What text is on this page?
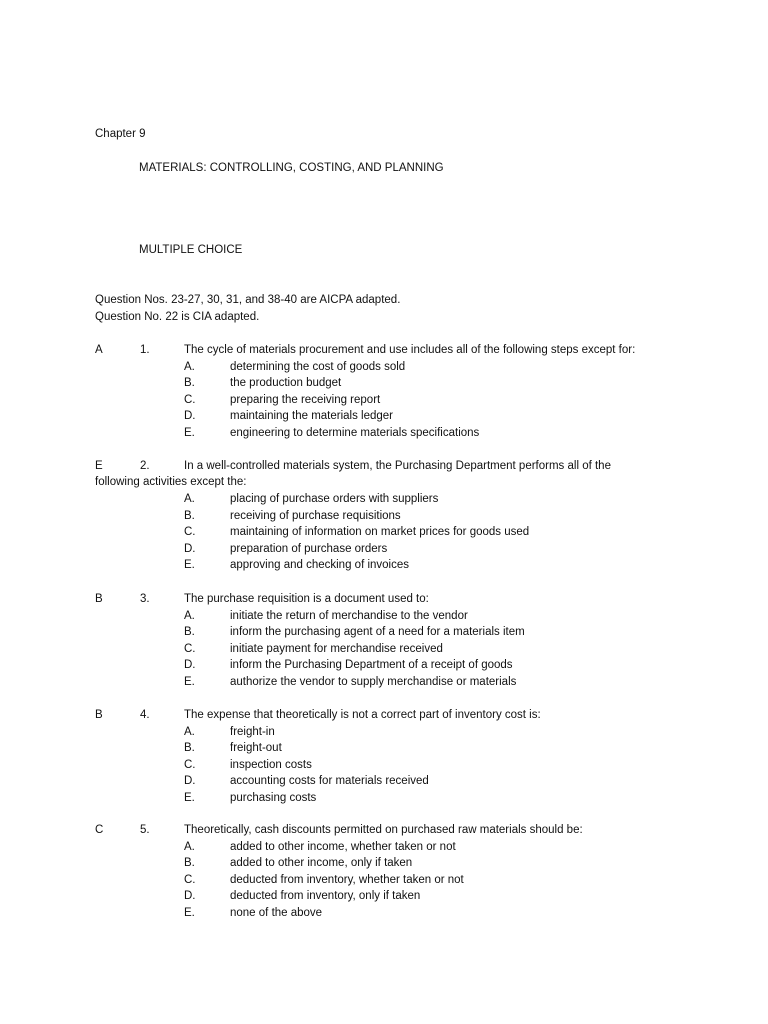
Chapter 9
MATERIALS: CONTROLLING, COSTING, AND PLANNING
MULTIPLE CHOICE
Question Nos. 23-27, 30, 31, and 38-40 are AICPA adapted.
Question No. 22 is CIA adapted.
A	1.	The cycle of materials procurement and use includes all of the following steps except for:
A.	determining the cost of goods sold
B.	the production budget
C.	preparing the receiving report
D.	maintaining the materials ledger
E.	engineering to determine materials specifications
E	2.	In a well-controlled materials system, the Purchasing Department performs all of the
following activities except the:
A.	placing of purchase orders with suppliers
B.	receiving of purchase requisitions
C.	maintaining of information on market prices for goods used
D.	preparation of purchase orders
E.	approving and checking of invoices
B	3.	The purchase requisition is a document used to:
A.	initiate the return of merchandise to the vendor
B.	inform the purchasing agent of a need for a materials item
C.	initiate payment for merchandise received
D.	inform the Purchasing Department of a receipt of goods
E.	authorize the vendor to supply merchandise or materials
B	4.	The expense that theoretically is not a correct part of inventory cost is:
A.	freight-in
B.	freight-out
C.	inspection costs
D.	accounting costs for materials received
E.	purchasing costs
C	5.	Theoretically, cash discounts permitted on purchased raw materials should be:
A.	added to other income, whether taken or not
B.	added to other income, only if taken
C.	deducted from inventory, whether taken or not
D.	deducted from inventory, only if taken
E.	none of the above
